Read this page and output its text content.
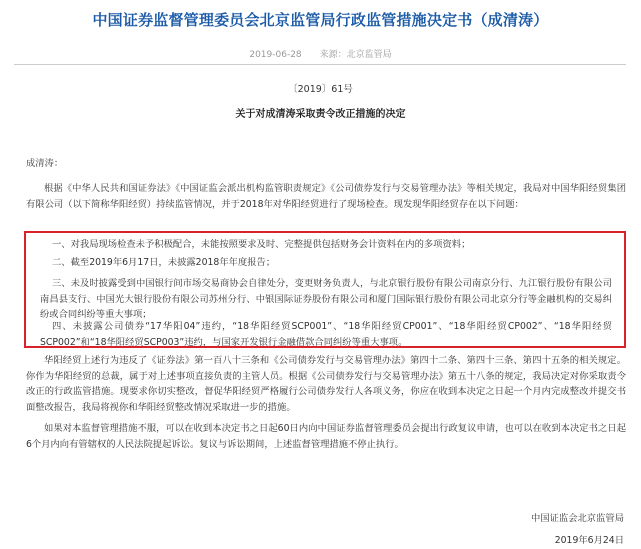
中国证券监督管理委员会北京监管局行政监管措施决定书（成清涛）
2019-06-28　　来源：北京监管局
〔2019〕61号
关于对成清涛采取责令改正措施的决定
成清涛：
根据《中华人民共和国证券法》《中国证监会派出机构监管职责规定》《公司债券发行与交易管理办法》等相关规定，我局对中国华阳经贸集团有限公司（以下简称华阳经贸）持续监管情况，并于2018年对华阳经贸进行了现场检查。现发现华阳经贸存在以下问题：
一、对我局现场检查未予积极配合，未能按照要求及时、完整提供包括财务会计资料在内的多项资料；
二、截至2019年6月17日，未披露2018年年度报告；
三、未及时披露受到中国银行间市场交易商协会自律处分，变更财务负责人，与北京银行股份有限公司南京分行、九江银行股份有限公司南昌县支行、中国光大银行股份有限公司苏州分行、中银国际证券股份有限公司和厦门国际银行股份有限公司北京分行等金融机构的交易纠纷或合同纠纷等重大事项；
四、未披露公司债券“17华阳04”违约，“18华阳经贸SCP001”、“18华阳经贸CP001”、“18华阳经贸CP002”、“18华阳经贸SCP002”和“18华阳经贸SCP003”违约，与国家开发银行金融借款合同纠纷等重大事项。
华阳经贸上述行为违反了《证券法》第一百八十三条和《公司债券发行与交易管理办法》第四十二条、第四十三条、第四十五条的相关规定。你作为华阳经贸的总裁，属于对上述事项直接负责的主管人员。根据《公司债券发行与交易管理办法》第五十八条的规定，我局决定对你采取责令改正的行政监管措施。现要求你切实整改，督促华阳经贸严格履行公司债券发行人各项义务，你应在收到本决定之日起一个月内完成整改并提交书面整改报告，我局将视你和华阳经贸整改情况采取进一步的措施。
如果对本监督管理措施不服，可以在收到本决定书之日起60日内向中国证券监督管理委员会提出行政复议申请，也可以在收到本决定书之日起6个月内向有管辖权的人民法院提起诉讼。复议与诉讼期间，上述监督管理措施不停止执行。
中国证监会北京监管局
2019年6月24日
